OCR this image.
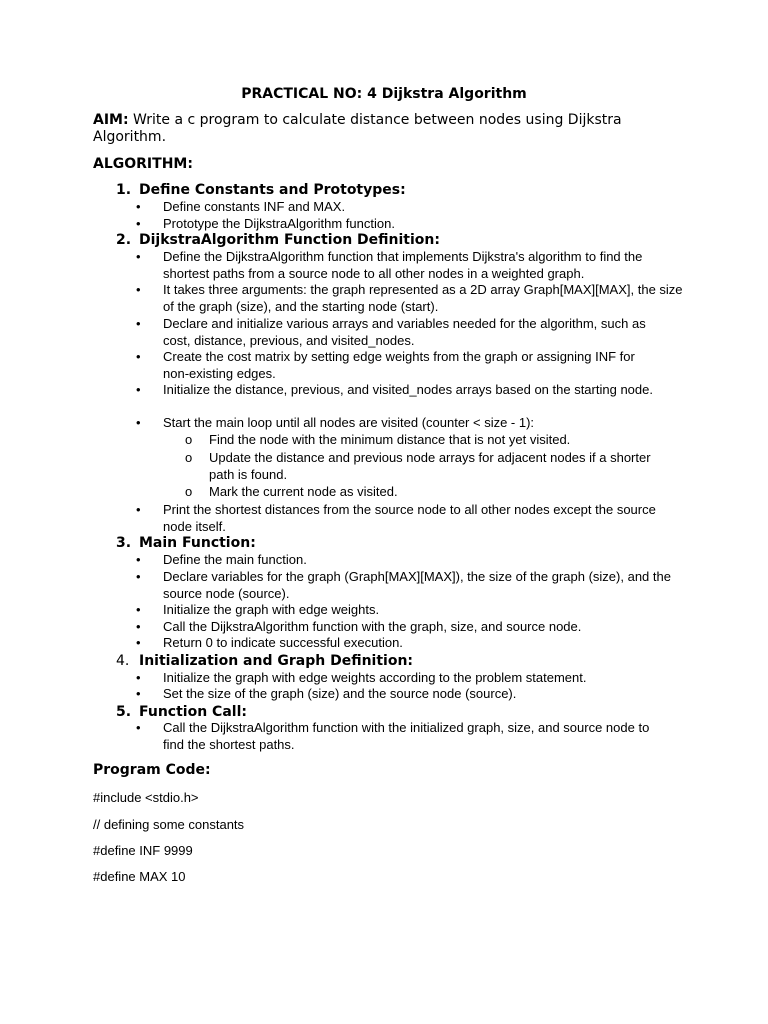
PRACTICAL NO: 4 Dijkstra Algorithm
AIM: Write a c program to calculate distance between nodes using Dijkstra Algorithm.
ALGORITHM:
1. Define Constants and Prototypes:
• Define constants INF and MAX.
• Prototype the DijkstraAlgorithm function.
2. DijkstraAlgorithm Function Definition:
• Define the DijkstraAlgorithm function that implements Dijkstra's algorithm to find the shortest paths from a source node to all other nodes in a weighted graph.
• It takes three arguments: the graph represented as a 2D array Graph[MAX][MAX], the size of the graph (size), and the starting node (start).
• Declare and initialize various arrays and variables needed for the algorithm, such as cost, distance, previous, and visited_nodes.
• Create the cost matrix by setting edge weights from the graph or assigning INF for non-existing edges.
• Initialize the distance, previous, and visited_nodes arrays based on the starting node.
• Start the main loop until all nodes are visited (counter < size - 1):
o Find the node with the minimum distance that is not yet visited.
o Update the distance and previous node arrays for adjacent nodes if a shorter path is found.
o Mark the current node as visited.
• Print the shortest distances from the source node to all other nodes except the source node itself.
3. Main Function:
• Define the main function.
• Declare variables for the graph (Graph[MAX][MAX]), the size of the graph (size), and the source node (source).
• Initialize the graph with edge weights.
• Call the DijkstraAlgorithm function with the graph, size, and source node.
• Return 0 to indicate successful execution.
4. Initialization and Graph Definition:
• Initialize the graph with edge weights according to the problem statement.
• Set the size of the graph (size) and the source node (source).
5. Function Call:
• Call the DijkstraAlgorithm function with the initialized graph, size, and source node to find the shortest paths.
Program Code:
#include <stdio.h>
// defining some constants
#define INF 9999
#define MAX 10
